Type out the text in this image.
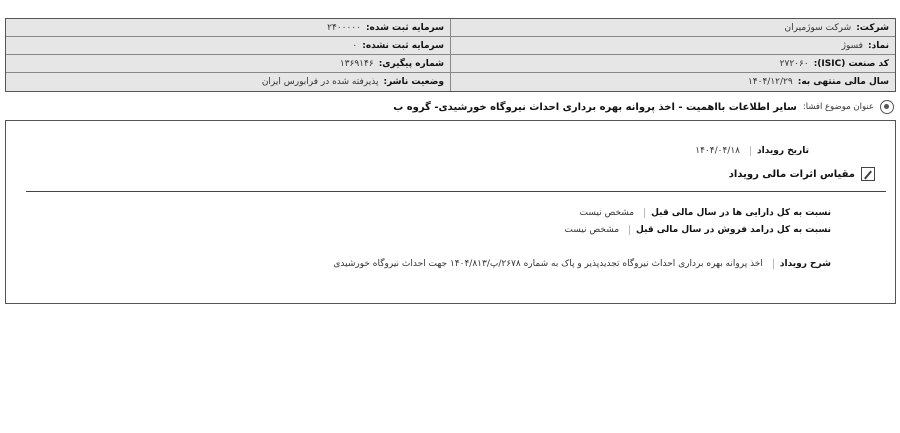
شرکت:
شرکت سوژمیران
سرمایه ثبت شده:
۲۴۰۰۰۰۰
نماد:
فسوژ
سرمایه ثبت نشده:
۰
کد صنعت (ISIC):
۲۷۲۰۶۰
شماره پیگیری:
۱۳۶۹۱۴۶
سال مالی منتهی به:
۱۴۰۴/۱۲/۲۹
وضعیت ناشر:
پذیرفته شده در فرابورس ایران
عنوان موضوع افشا:
سایر اطلاعات بااهمیت - اخذ پروانه بهره برداری احداث نیروگاه خورشیدی- گروه ب
تاریخ رویداد
۱۴۰۴/۰۴/۱۸
مقیاس اثرات مالی رویداد
نسبت به کل دارایی ها در سال مالی قبل
مشخص نیست
نسبت به کل درامد فروش در سال مالی قبل
مشخص نیست
شرح رویداد
اخذ پروانه بهره برداری احداث نیروگاه تجدیدپذیر و پاک به شماره ۲۶۷۸/پ/۱۴۰۴/۸۱۳ جهت احداث نیروگاه خورشیدی
